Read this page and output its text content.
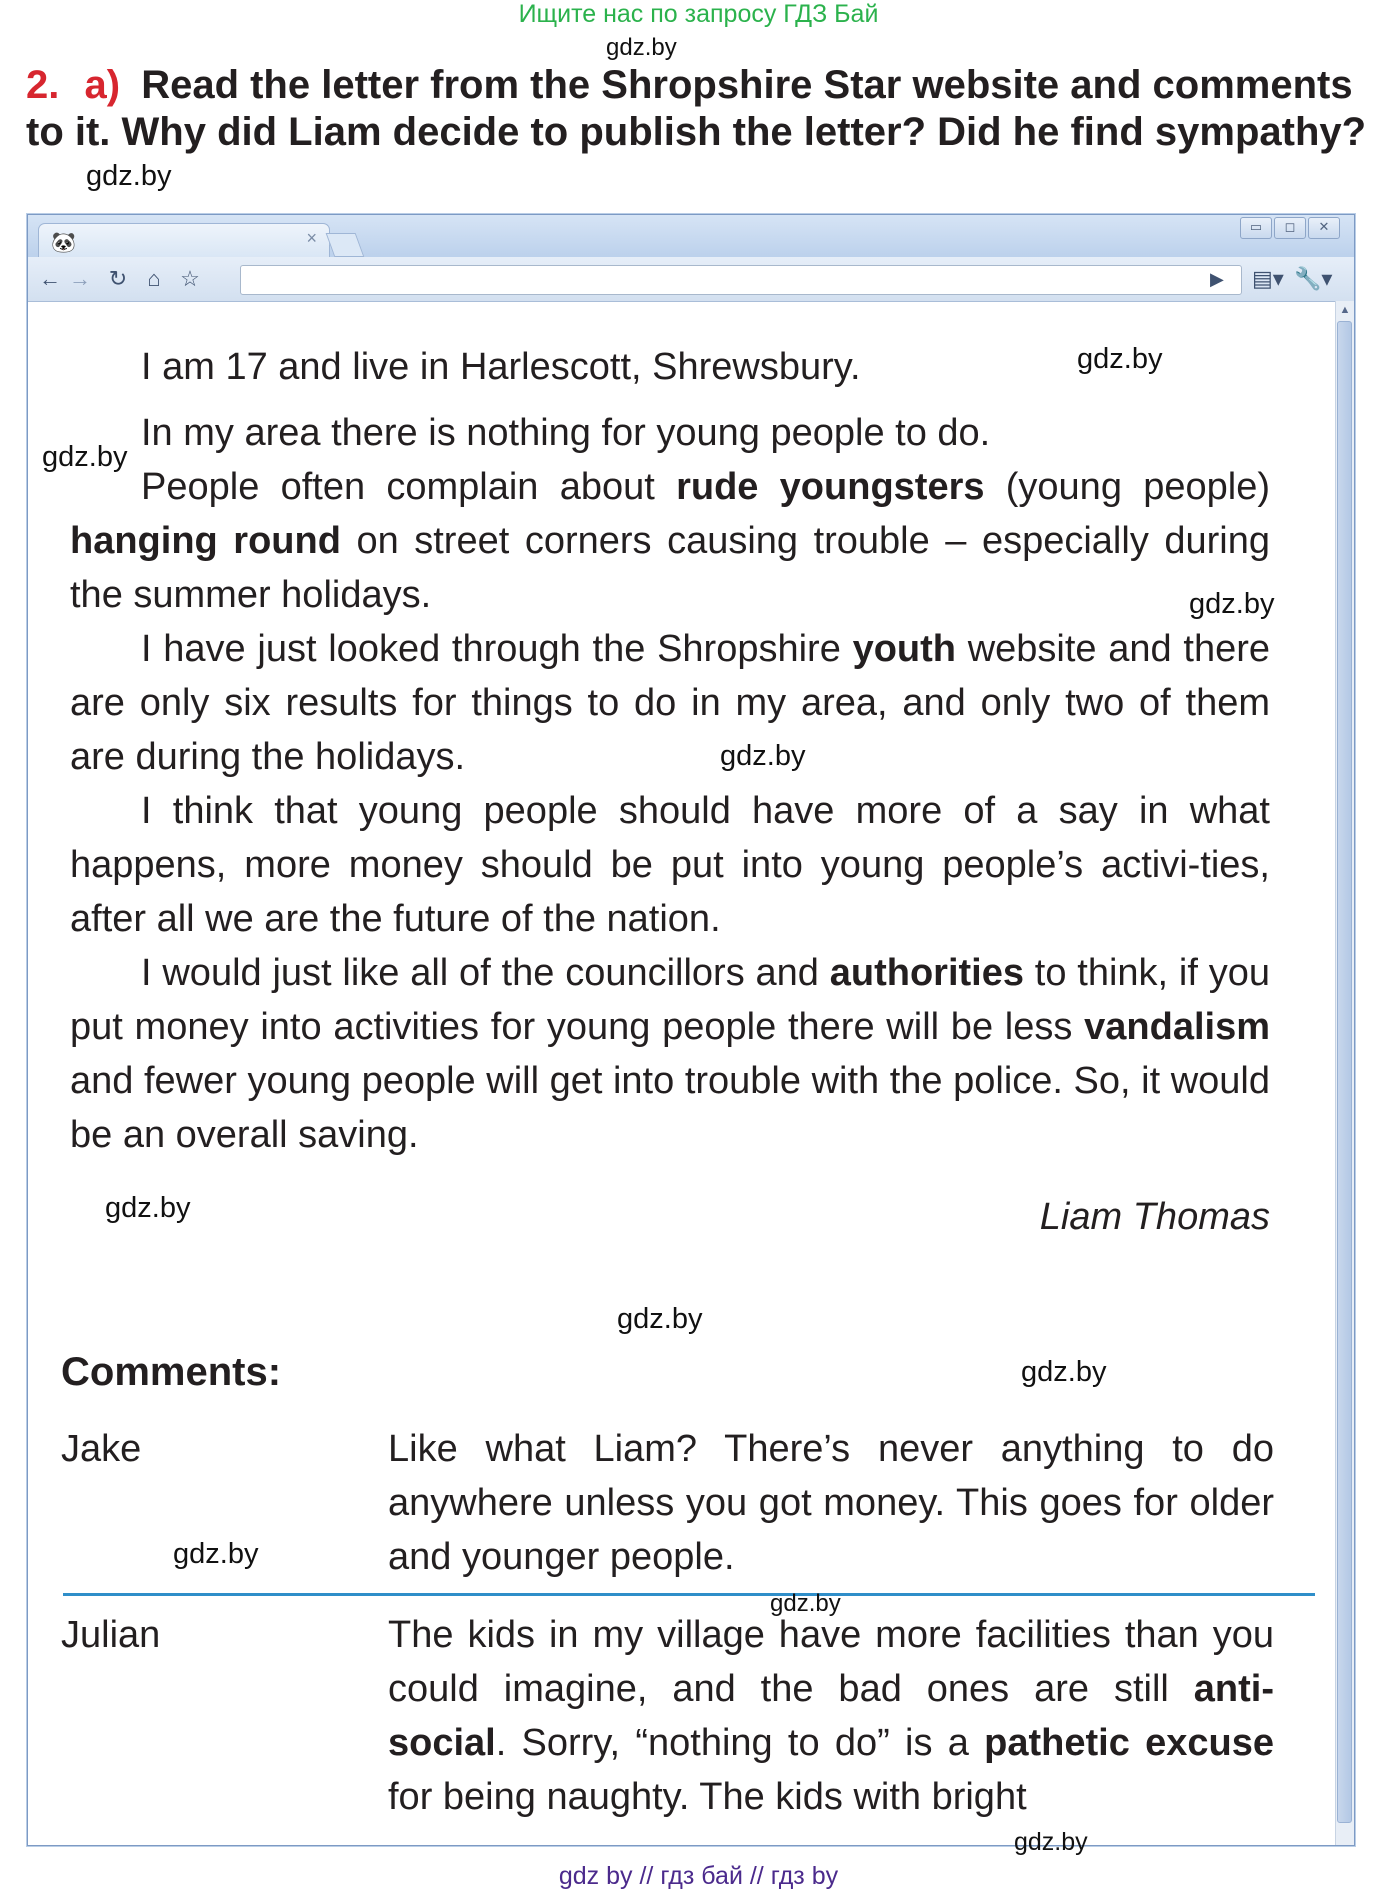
Ищите нас по запросу ГДЗ Бай
gdz.by
2. a) Read the letter from the Shropshire Star website and comments to it. Why did Liam decide to publish the letter? Did he find sympathy?
gdz.by
🐼	×
▭	◻	✕
← → ↻ ⌂ ☆	▶ ▤▾ 🔧▾
▲

I am 17 and live in Harlescott, Shrewsbury.

In my area there is nothing for young people to do.

People often complain about rude youngsters (young people) hanging round on street corners causing trouble – especially during the summer holidays.

I have just looked through the Shropshire youth website and there are only six results for things to do in my area, and only two of them are during the holidays.

I think that young people should have more of a say in what happens, more money should be put into young people’s activi-ties, after all we are the future of the nation.

I would just like all of the councillors and authorities to think, if you put money into activities for young people there will be less vandalism and fewer young people will get into trouble with the police. So, it would be an overall saving.

Liam Thomas
Comments:
Jake	Like what Liam? There’s never anything to do anywhere unless you got money. This goes for older and younger people.
Julian	The kids in my village have more facilities than you could imagine, and the bad ones are still anti-social. Sorry, “nothing to do” is a pathetic excuse for being naughty. The kids with bright
gdz.by
gdz.by
gdz.by
gdz.by
gdz.by
gdz.by
gdz.by
gdz.by
gdz.by
gdz.by
gdz by // гдз бай // гдз by
